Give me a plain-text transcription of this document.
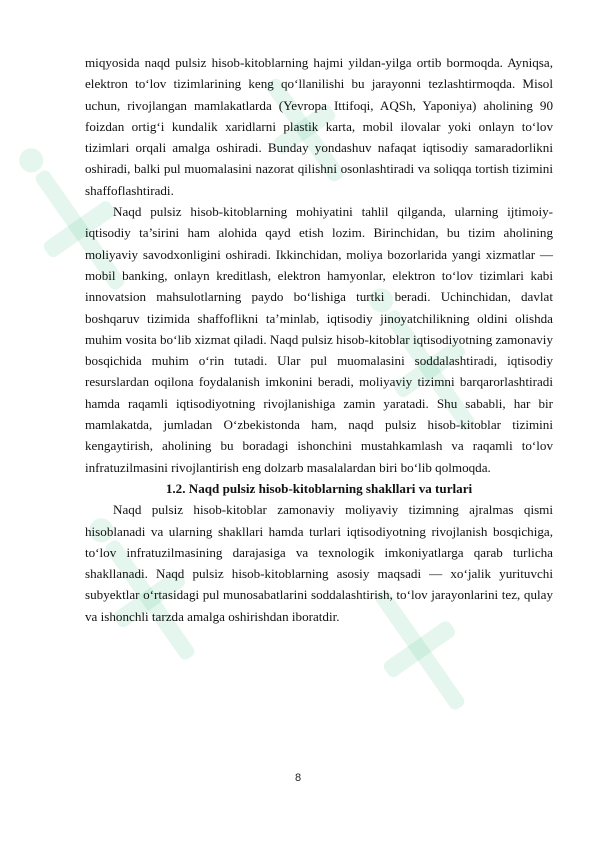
miqyosida naqd pulsiz hisob-kitoblarning hajmi yildan-yilga ortib bormoqda. Ayniqsa, elektron to‘lov tizimlarining keng qo‘llanilishi bu jarayonni tezlashtirmoqda. Misol uchun, rivojlangan mamlakatlarda (Yevropa Ittifoqi, AQSh, Yaponiya) aholining 90 foizdan ortig‘i kundalik xaridlarni plastik karta, mobil ilovalar yoki onlayn to‘lov tizimlari orqali amalga oshiradi. Bunday yondashuv nafaqat iqtisodiy samaradorlikni oshiradi, balki pul muomalasini nazorat qilishni osonlashtiradi va soliqqa tortish tizimini shaffoflashtiradi.

Naqd pulsiz hisob-kitoblarning mohiyatini tahlil qilganda, ularning ijtimoiy-iqtisodiy ta’sirini ham alohida qayd etish lozim. Birinchidan, bu tizim aholining moliyaviy savodxonligini oshiradi. Ikkinchidan, moliya bozorlarida yangi xizmatlar — mobil banking, onlayn kreditlash, elektron hamyonlar, elektron to‘lov tizimlari kabi innovatsion mahsulotlarning paydo bo‘lishiga turtki beradi. Uchinchidan, davlat boshqaruv tizimida shaffoflikni ta’minlab, iqtisodiy jinoyatchilikning oldini olishda muhim vosita bo‘lib xizmat qiladi. Naqd pulsiz hisob-kitoblar iqtisodiyotning zamonaviy bosqichida muhim o‘rin tutadi. Ular pul muomalasini soddalashtiradi, iqtisodiy resurslardan oqilona foydalanish imkonini beradi, moliyaviy tizimni barqarorlashtiradi hamda raqamli iqtisodiyotning rivojlanishiga zamin yaratadi. Shu sababli, har bir mamlakatda, jumladan O‘zbekistonda ham, naqd pulsiz hisob-kitoblar tizimini kengaytirish, aholining bu boradagi ishonchini mustahkamlash va raqamli to‘lov infratuzilmasini rivojlantirish eng dolzarb masalalardan biri bo‘lib qolmoqda.

1.2. Naqd pulsiz hisob-kitoblarning shakllari va turlari

Naqd pulsiz hisob-kitoblar zamonaviy moliyaviy tizimning ajralmas qismi hisoblanadi va ularning shakllari hamda turlari iqtisodiyotning rivojlanish bosqichiga, to‘lov infratuzilmasining darajasiga va texnologik imkoniyatlarga qarab turlicha shakllanadi. Naqd pulsiz hisob-kitoblarning asosiy maqsadi — xo‘jalik yurituvchi subyektlar o‘rtasidagi pul munosabatlarini soddalashtirish, to‘lov jarayonlarini tez, qulay va ishonchli tarzda amalga oshirishdan iboratdir.

8
